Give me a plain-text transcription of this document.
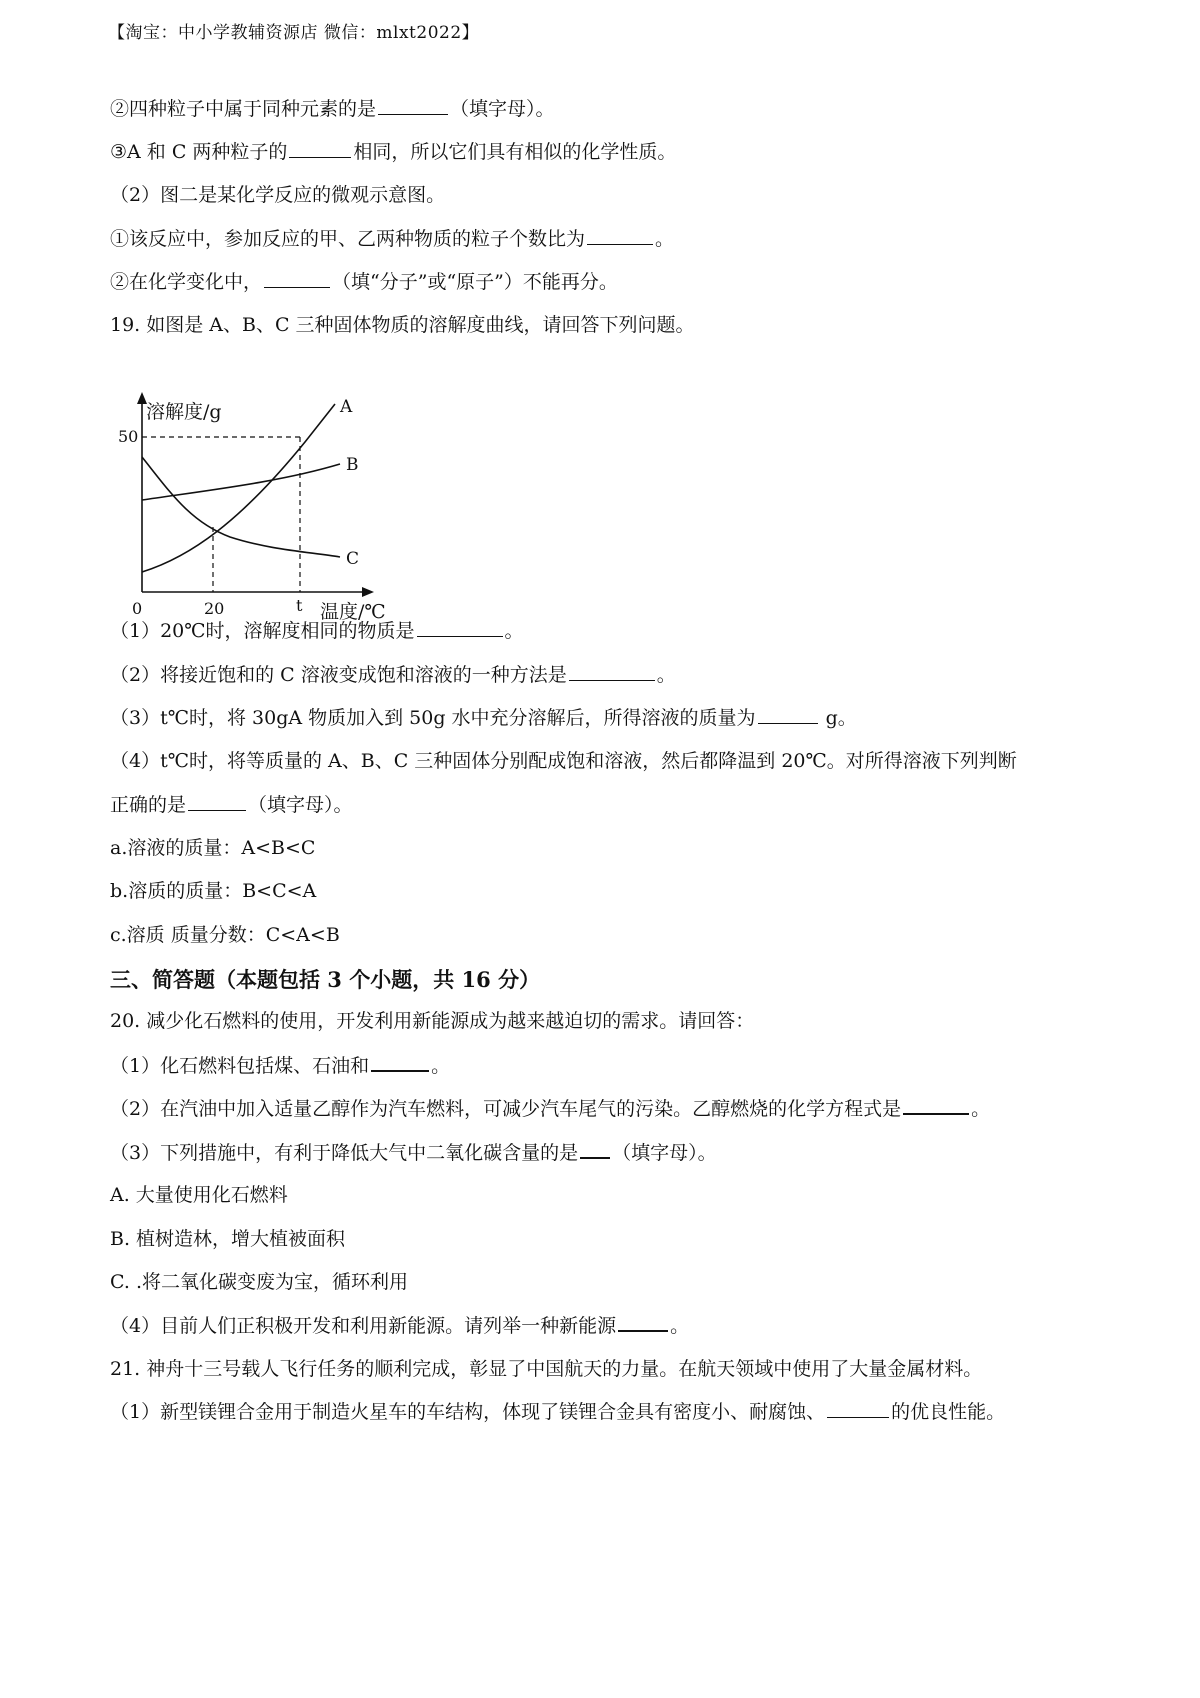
【淘宝：中小学教辅资源店 微信：mlxt2022】
②四种粒子中属于同种元素的是	（填字母）。
③A 和 C 两种粒子的	相同，所以它们具有相似的化学性质。
（2）图二是某化学反应的微观示意图。
①该反应中，参加反应的甲、乙两种物质的粒子个数比为	。
②在化学变化中，	（填“分子”或“原子”）不能再分。
19. 如图是 A、B、C 三种固体物质的溶解度曲线，请回答下列问题。
溶解度/g
温度/℃
50
0	20	t
A
B
C
（1）20℃时，溶解度相同的物质是	。
（2）将接近饱和的 C 溶液变成饱和溶液的一种方法是	。
（3）t℃时，将 30gA 物质加入到 50g 水中充分溶解后，所得溶液的质量为	g。
（4）t℃时，将等质量的 A、B、C 三种固体分别配成饱和溶液，然后都降温到 20℃。对所得溶液下列判断
正确的是	（填字母）。
a.溶液的质量：A<B<C
b.溶质的质量：B<C<A
c.溶质 质量分数：C<A<B
三、简答题（本题包括 3 个小题，共 16 分）
20. 减少化石燃料的使用，开发利用新能源成为越来越迫切的需求。请回答：
（1）化石燃料包括煤、石油和	。
（2）在汽油中加入适量乙醇作为汽车燃料，可减少汽车尾气的污染。乙醇燃烧的化学方程式是	。
（3）下列措施中，有利于降低大气中二氧化碳含量的是 （填字母）。
A. 大量使用化石燃料
B. 植树造林，增大植被面积
C. .将二氧化碳变废为宝，循环利用
（4）目前人们正积极开发和利用新能源。请列举一种新能源	。
21. 神舟十三号载人飞行任务的顺利完成，彰显了中国航天的力量。在航天领域中使用了大量金属材料。
（1）新型镁锂合金用于制造火星车的车结构，体现了镁锂合金具有密度小、耐腐蚀、	的优良性能。
